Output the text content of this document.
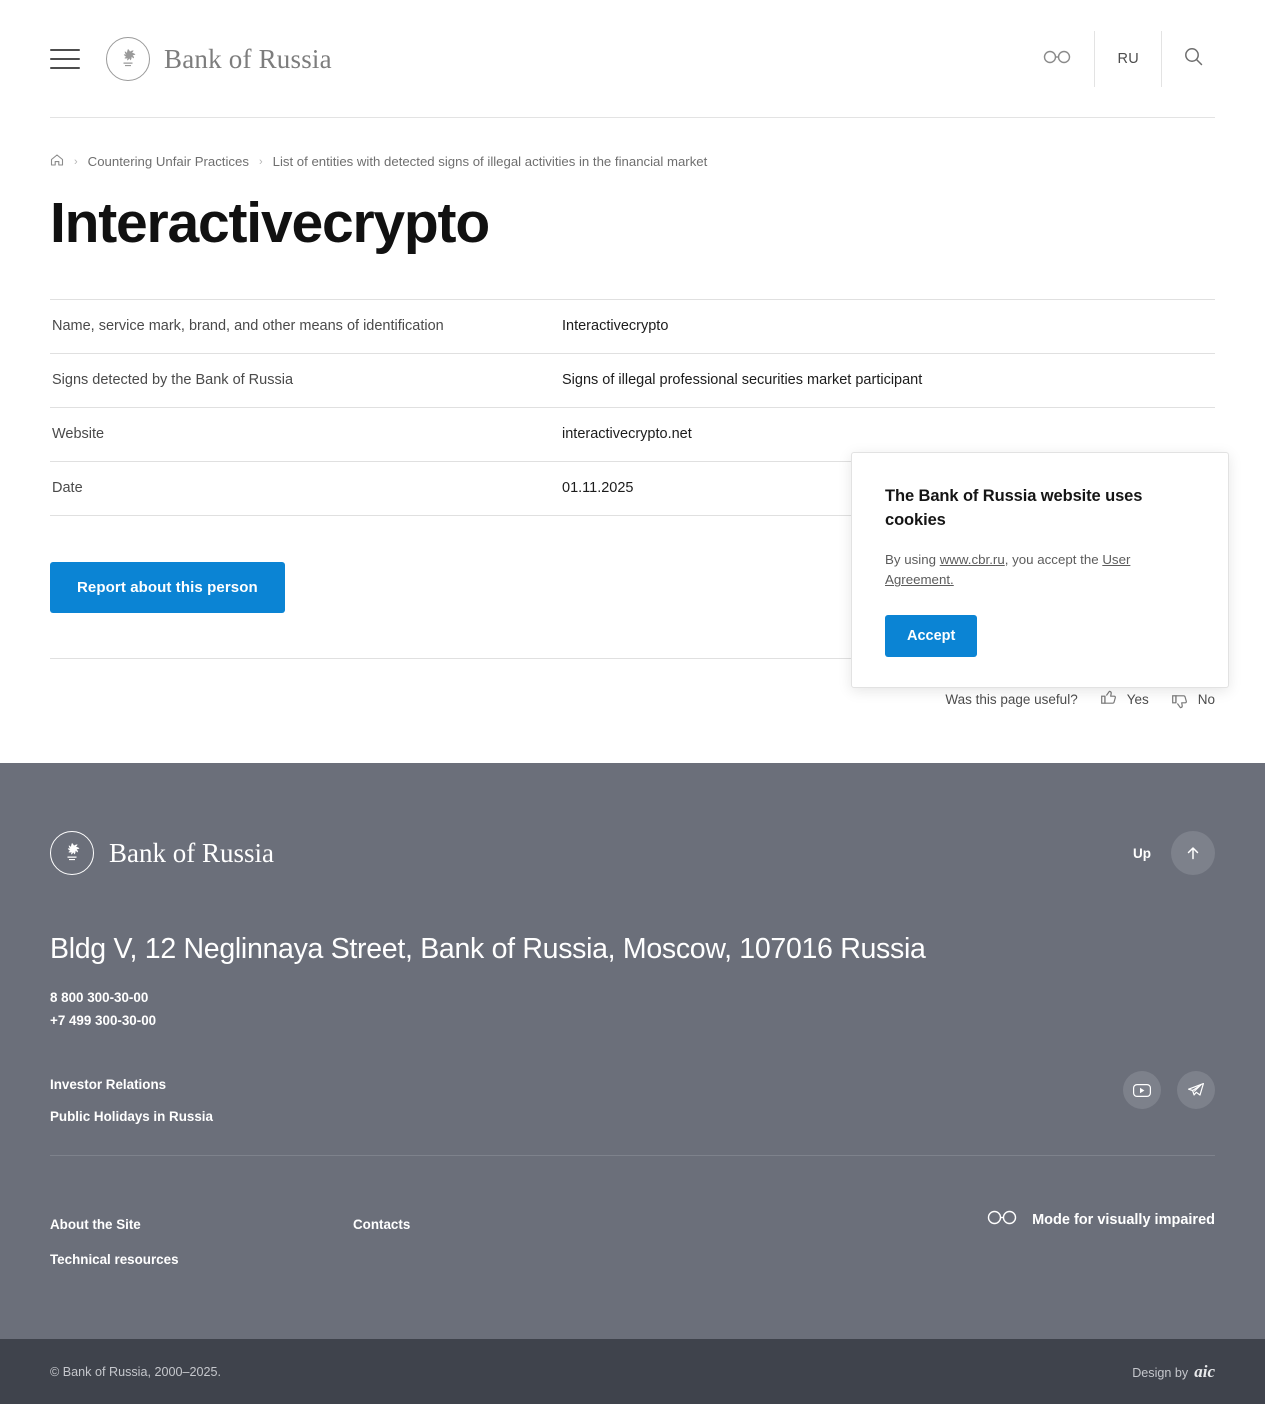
Bank of Russia	RU
› Countering Unfair Practices › List of entities with detected signs of illegal activities in the financial market
Interactivecrypto
Name, service mark, brand, and other means of identification	Interactivecrypto
Signs detected by the Bank of Russia	Signs of illegal professional securities market participant
Website	interactivecrypto.net
Date	01.11.2025
Report about this person
Was this page useful?	Yes	No
The Bank of Russia website uses cookies

By using www.cbr.ru, you accept the User Agreement.

Accept
Bank of Russia	Up
Bldg V, 12 Neglinnaya Street, Bank of Russia, Moscow, 107016 Russia
8 800 300-30-00
+7 499 300-30-00
Investor Relations
Public Holidays in Russia
About the Site
Technical resources
Contacts	Mode for visually impaired
© Bank of Russia, 2000–2025.	Design by aic
